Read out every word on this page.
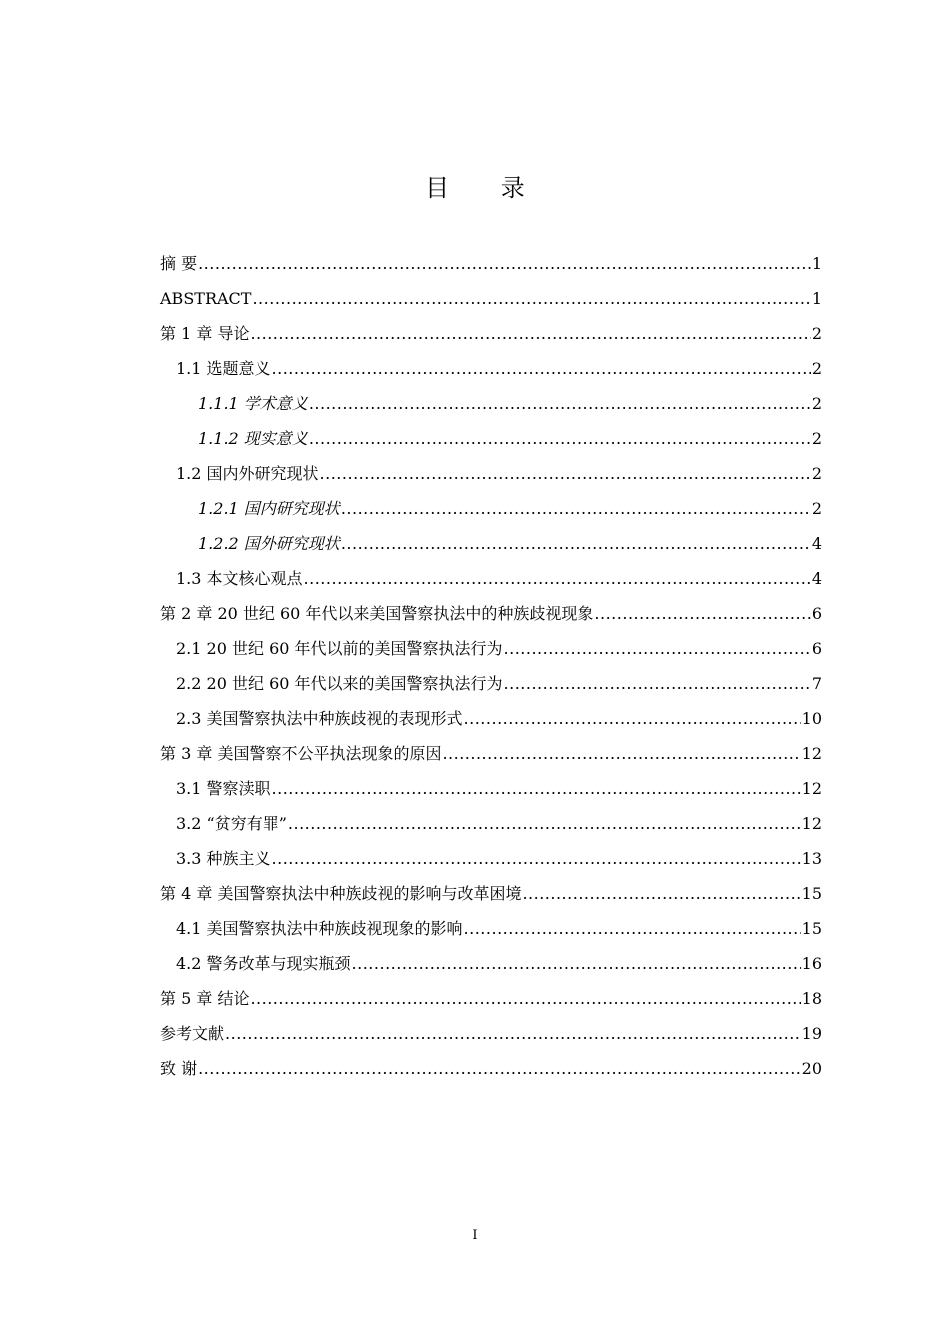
目 录
摘 要 .....	1
ABSTRACT .....	1
第 1 章 导论 .....	2
1.1 选题意义 .....	2
1.1.1 学术意义 .....	2
1.1.2 现实意义 .....	2
1.2 国内外研究现状 .....	2
1.2.1 国内研究现状 .....	2
1.2.2 国外研究现状 .....	4
1.3 本文核心观点 .....	4
第 2 章 20 世纪 60 年代以来美国警察执法中的种族歧视现象 .....	6
2.1 20 世纪 60 年代以前的美国警察执法行为 .....	6
2.2 20 世纪 60 年代以来的美国警察执法行为 .....	7
2.3 美国警察执法中种族歧视的表现形式 .....	10
第 3 章 美国警察不公平执法现象的原因 .....	12
3.1 警察渎职 .....	12
3.2 “贫穷有罪” .....	12
3.3 种族主义 .....	13
第 4 章 美国警察执法中种族歧视的影响与改革困境 .....	15
4.1 美国警察执法中种族歧视现象的影响 .....	15
4.2 警务改革与现实瓶颈 .....	16
第 5 章 结论 .....	18
参考文献 .....	19
致 谢 .....	20
I
